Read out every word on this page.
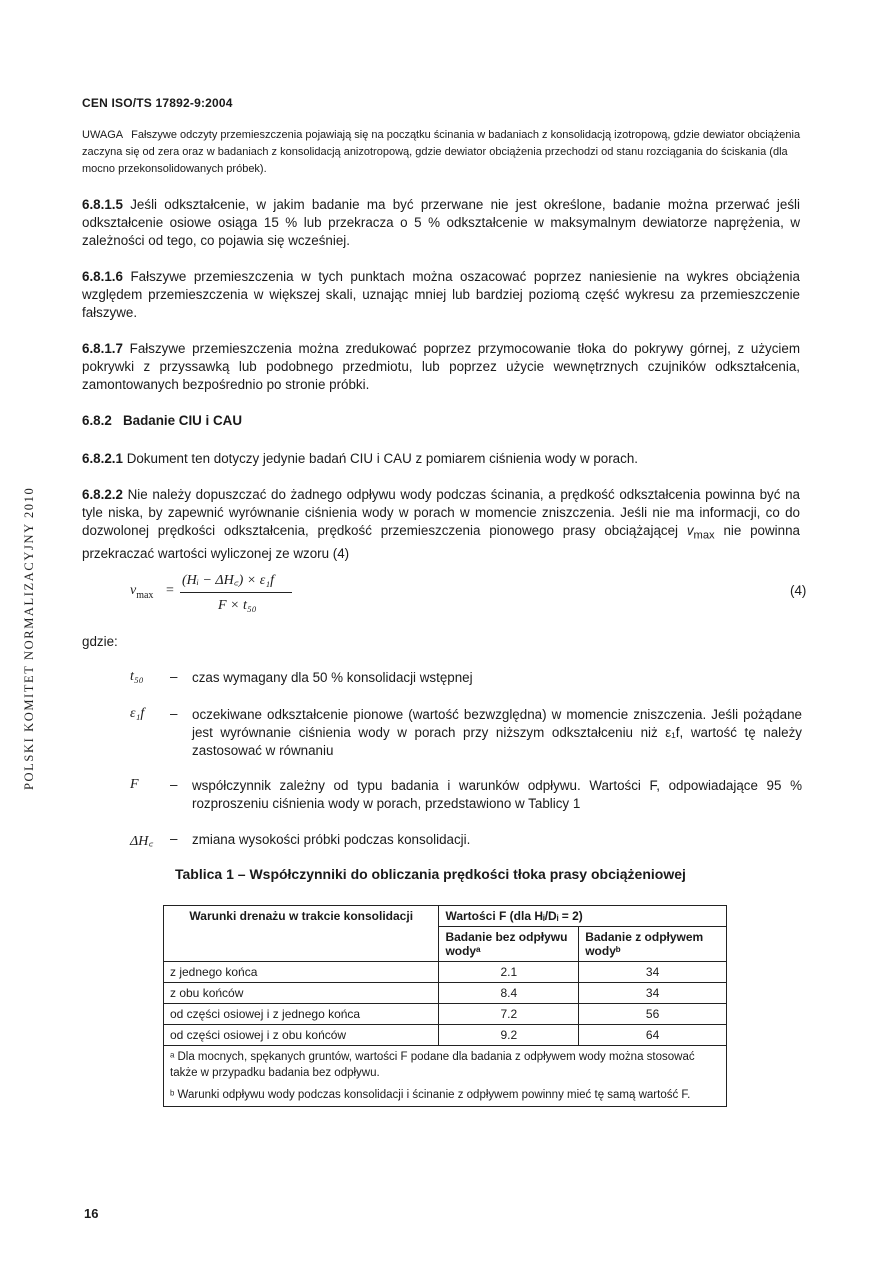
CEN ISO/TS 17892-9:2004
UWAGA Fałszywe odczyty przemieszczenia pojawiają się na początku ścinania w badaniach z konsolidacją izotropową, gdzie dewiator obciążenia zaczyna się od zera oraz w badaniach z konsolidacją anizotropową, gdzie dewiator obciążenia przechodzi od stanu rozciągania do ściskania (dla mocno przekonsolidowanych próbek).
6.8.1.5 Jeśli odkształcenie, w jakim badanie ma być przerwane nie jest określone, badanie można przerwać jeśli odkształcenie osiowe osiąga 15 % lub przekracza o 5 % odkształcenie w maksymalnym dewiatorze naprężenia, w zależności od tego, co pojawia się wcześniej.
6.8.1.6 Fałszywe przemieszczenia w tych punktach można oszacować poprzez naniesienie na wykres obciążenia względem przemieszczenia w większej skali, uznając mniej lub bardziej poziomą część wykresu za przemieszczenie fałszywe.
6.8.1.7 Fałszywe przemieszczenia można zredukować poprzez przymocowanie tłoka do pokrywy górnej, z użyciem pokrywki z przyssawką lub podobnego przedmiotu, lub poprzez użycie wewnętrznych czujników odkształcenia, zamontowanych bezpośrednio po stronie próbki.
6.8.2 Badanie CIU i CAU
6.8.2.1 Dokument ten dotyczy jedynie badań CIU i CAU z pomiarem ciśnienia wody w porach.
6.8.2.2 Nie należy dopuszczać do żadnego odpływu wody podczas ścinania, a prędkość odkształcenia powinna być na tyle niska, by zapewnić wyrównanie ciśnienia wody w porach w momencie zniszczenia. Jeśli nie ma informacji, co do dozwolonej prędkości odkształcenia, prędkość przemieszczenia pionowego prasy obciążającej $v_{max}$ nie powinna przekraczać wartości wyliczonej ze wzoru (4)
POLSKI KOMITET NORMALIZACYJNY 2010	$v_{max}$ =
(Hᵢ − ΔH꜀) × ε₁f
F × t₅₀
(4)
gdzie:
t₅₀ – czas wymagany dla 50 % konsolidacji wstępnej
ε₁f – oczekiwane odkształcenie pionowe (wartość bezwzględna) w momencie zniszczenia. Jeśli pożądane jest wyrównanie ciśnienia wody w porach przy niższym odkształceniu niż ε₁f, wartość tę należy zastosować w równaniu
F – współczynnik zależny od typu badania i warunków odpływu. Wartości F, odpowiadające 95 % rozproszeniu ciśnienia wody w porach, przedstawiono w Tablicy 1
ΔH꜀ – zmiana wysokości próbki podczas konsolidacji.
Tablica 1 – Współczynniki do obliczania prędkości tłoka prasy obciążeniowej
Warunki drenażu w trakcie konsolidacji	Wartości F (dla Hᵢ/Dᵢ = 2)	
	Badanie bez odpływu wodyᵃ	Badanie z odpływem wodyᵇ
z jednego końca	2.1	34
z obu końców	8.4	34
od części osiowej i z jednego końca	7.2	56
od części osiowej i z obu końców	9.2	64

ᵃ Dla mocnych, spękanych gruntów, wartości F podane dla badania z odpływem wody można stosować także w przypadku badania bez odpływu.
ᵇ Warunki odpływu wody podczas konsolidacji i ścinanie z odpływem powinny mieć tę samą wartość F.		
16
